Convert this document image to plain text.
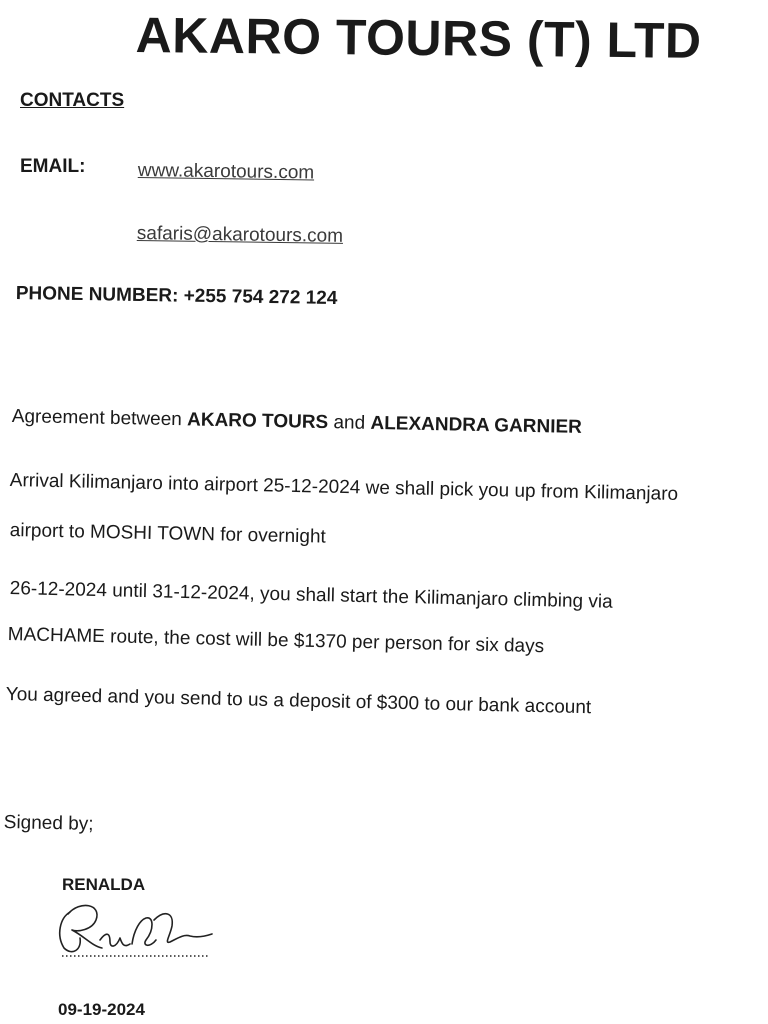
AKARO TOURS (T) LTD
CONTACTS
EMAIL:	www.akarotours.com
safaris@akarotours.com
PHONE NUMBER: +255 754 272 124
Agreement between AKARO TOURS and ALEXANDRA GARNIER
Arrival Kilimanjaro into airport 25-12-2024 we shall pick you up from Kilimanjaro
airport to MOSHI TOWN for overnight
26-12-2024 until 31-12-2024, you shall start the Kilimanjaro climbing via
MACHAME route, the cost will be $1370 per person for six days
You agreed and you send to us a deposit of $300 to our bank account
Signed by;
RENALDA
09-19-2024
